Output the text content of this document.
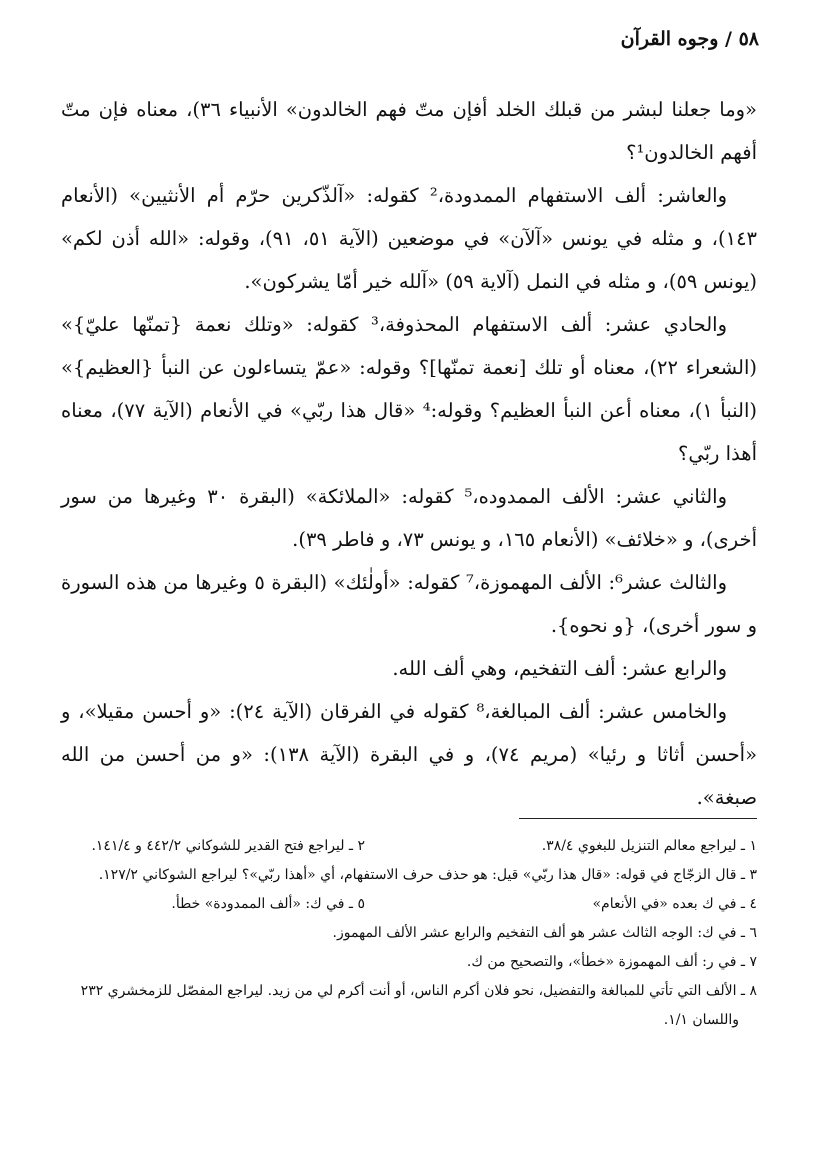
٥٨ / وجوه القرآن

«وما جعلنا لبشر من قبلك الخلد أفإن متّ فهم الخالدون» الأنبياء ٣٦)، معناه فإن متّ أفهم الخالدون¹؟

والعاشر: ألف الاستفهام الممدودة،² كقوله: «آلذّكرين حرّم أم الأنثيين» (الأنعام ١٤٣)، و مثله في يونس «آلآن» في موضعين (الآية ٥١، ٩١)، وقوله: «الله أذن لكم» (يونس ٥٩)، و مثله في النمل (آلاية ٥٩) «آلله خير أمّا يشركون».

والحادي عشر: ألف الاستفهام المحذوفة،³ كقوله: «وتلك نعمة {تمنّها عليّ}» (الشعراء ٢٢)، معناه أو تلك [نعمة تمنّها]؟ وقوله: «عمّ يتساءلون عن النبأ {العظيم}» (النبأ ١)، معناه أعن النبأ العظيم؟ وقوله:⁴ «قال هذا ربّي» في الأنعام (الآية ٧٧)، معناه أهذا ربّي؟

والثاني عشر: الألف الممدوده،⁵ كقوله: «الملائكة» (البقرة ٣٠ وغيرها من سور أخرى)، و «خلائف» (الأنعام ١٦٥، و يونس ٧٣، و فاطر ٣٩).

والثالث عشر⁶: الألف المهموزة،⁷ كقوله: «أولٰئك» (البقرة ٥ وغيرها من هذه السورة و سور أخرى)، {و نحوه}.

والرابع عشر: ألف التفخيم، وهي ألف الله.

والخامس عشر: ألف المبالغة،⁸ كقوله في الفرقان (الآية ٢٤): «و أحسن مقيلا»، و «أحسن أثاثا و رئيا» (مريم ٧٤)، و في البقرة (الآية ١٣٨): «و من أحسن من الله صبغة».

١ ـ ليراجع معالم التنزيل للبغوي ٣٨/٤.
٢ ـ ليراجع فتح القدير للشوكاني ٤٤٢/٢ و ١٤١/٤.
٣ ـ قال الزجّاج في قوله: «قال هذا ربّي» قيل: هو حذف حرف الاستفهام، أي «أهذا ربّي»؟ ليراجع الشوكاني ١٢٧/٢.
٤ ـ في ك بعده «في الأنعام»
٥ ـ في ك: «ألف الممدودة» خطأ.
٦ ـ في ك: الوجه الثالث عشر هو ألف التفخيم والرابع عشر الألف المهموز.
٧ ـ في ر: ألف المهموزة «خطأ»، والتصحيح من ك.
٨ ـ الألف التي تأتي للمبالغة والتفضيل، نحو فلان أكرم الناس، أو أنت أكرم لي من زيد. ليراجع المفصّل للزمخشري ٢٣٢
واللسان ١/١.
